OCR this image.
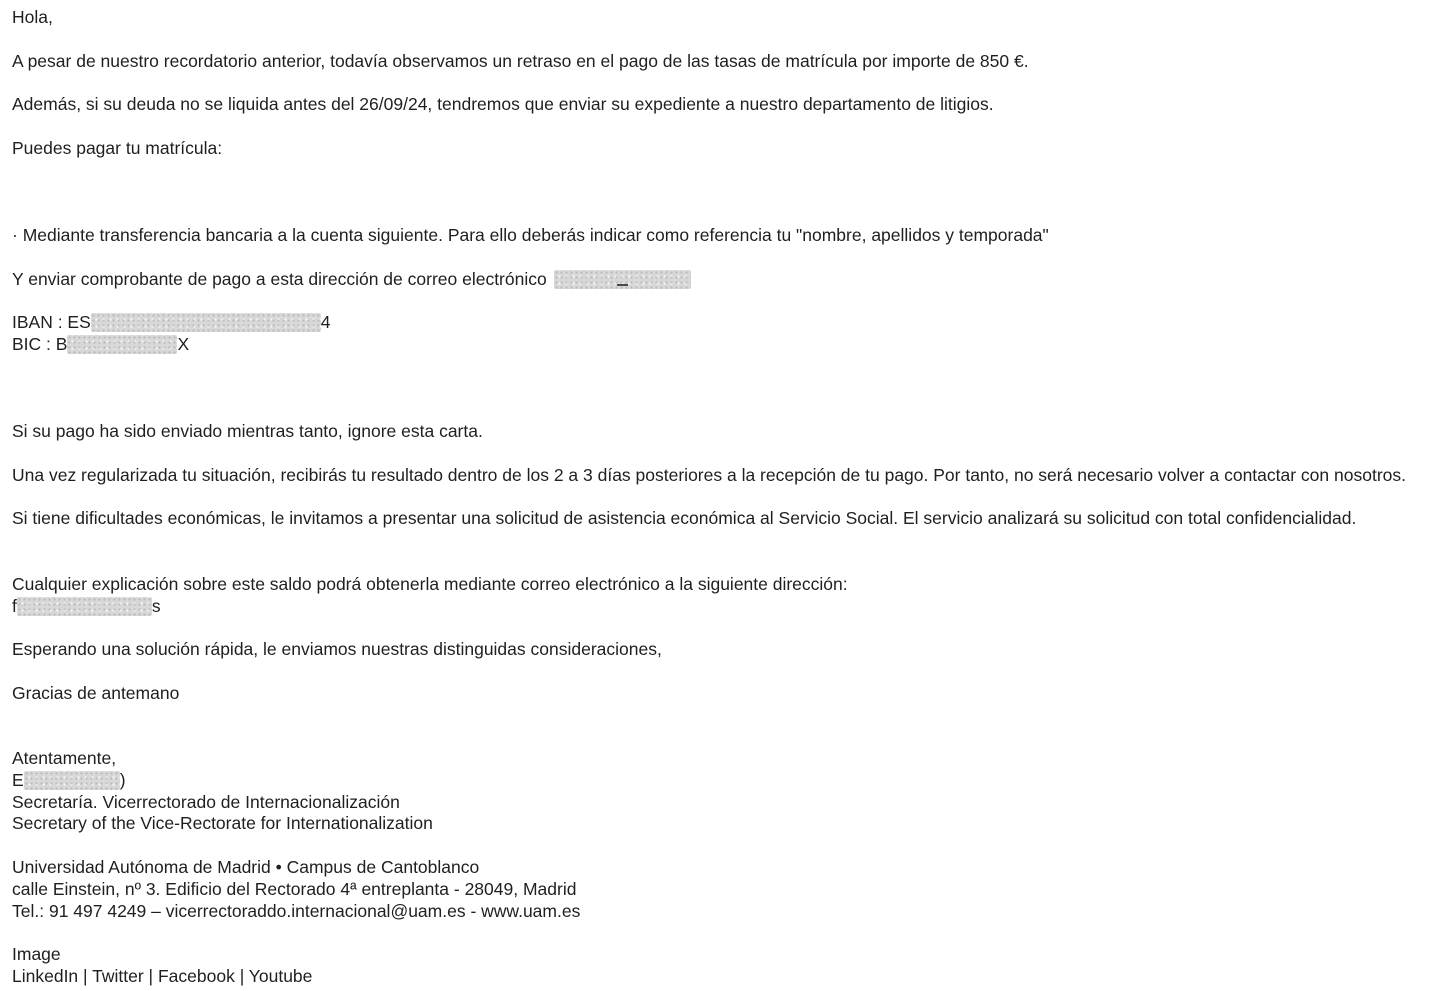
Hola,
A pesar de nuestro recordatorio anterior, todavía observamos un retraso en el pago de las tasas de matrícula por importe de 850 €.
Además, si su deuda no se liquida antes del 26/09/24, tendremos que enviar su expediente a nuestro departamento de litigios.
Puedes pagar tu matrícula:
· Mediante transferencia bancaria a la cuenta siguiente. Para ello deberás indicar como referencia tu "nombre, apellidos y temporada"
Y enviar comprobante de pago a esta dirección de correo electrónico
IBAN : ES	4
BIC : B	X
Si su pago ha sido enviado mientras tanto, ignore esta carta.
Una vez regularizada tu situación, recibirás tu resultado dentro de los 2 a 3 días posteriores a la recepción de tu pago. Por tanto, no será necesario volver a contactar con nosotros.
Si tiene dificultades económicas, le invitamos a presentar una solicitud de asistencia económica al Servicio Social. El servicio analizará su solicitud con total confidencialidad.
Cualquier explicación sobre este saldo podrá obtenerla mediante correo electrónico a la siguiente dirección:
f	s
Esperando una solución rápida, le enviamos nuestras distinguidas consideraciones,
Gracias de antemano
Atentamente,
E	)
Secretaría. Vicerrectorado de Internacionalización
Secretary of the Vice-Rectorate for Internationalization
Universidad Autónoma de Madrid • Campus de Cantoblanco
calle Einstein, nº 3. Edificio del Rectorado 4ª entreplanta - 28049, Madrid
Tel.: 91 497 4249 – vicerrectoraddo.internacional@uam.es - www.uam.es
Image
LinkedIn | Twitter | Facebook | Youtube
